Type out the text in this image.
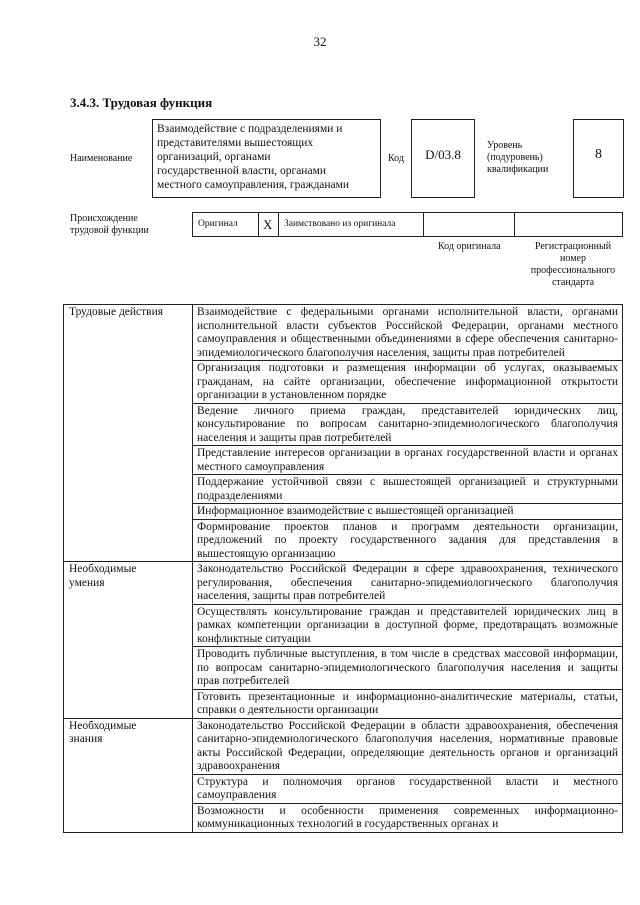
32
3.4.3. Трудовая функция
Наименование
Взаимодействие с подразделениями и
представителями вышестоящих
организаций, органами
государственной власти, органами
местного самоуправления, гражданами
Код	D/03.8
Уровень
(подуровень)
квалификации
8
Происхождение
трудовой функции
Оригинал	X	Заимствовано из оригинала
Код оригинала	Регистрационный
номер
профессионального
стандарта
Трудовые действия	Взаимодействие с федеральными органами исполнительной власти, органами исполнительной власти субъектов Российской Федерации, органами местного самоуправления и общественными объединениями в сфере обеспечения санитарно-эпидемиологического благополучия населения, защиты прав потребителей
	Организация подготовки и размещения информации об услугах, оказываемых гражданам, на сайте организации, обеспечение информационной открытости организации в установленном порядке
	Ведение личного приема граждан, представителей юридических лиц, консультирование по вопросам санитарно-эпидемиологического благополучия населения и защиты прав потребителей
	Представление интересов организации в органах государственной власти и органах местного самоуправления
	Поддержание устойчивой связи с вышестоящей организацией и структурными подразделениями
	Информационное взаимодействие с вышестоящей организацией
	Формирование проектов планов и программ деятельности организации, предложений по проекту государственного задания для представления в вышестоящую организацию

Необходимые
умения	Законодательство Российской Федерации в сфере здравоохранения, технического регулирования, обеспечения санитарно-эпидемиологического благополучия населения, защиты прав потребителей
	Осуществлять консультирование граждан и представителей юридических лиц в рамках компетенции организации в доступной форме, предотвращать возможные конфликтные ситуации
	Проводить публичные выступления, в том числе в средствах массовой информации, по вопросам санитарно-эпидемиологического благополучия населения и защиты прав потребителей
	Готовить презентационные и информационно-аналитические материалы, статьи, справки о деятельности организации

Необходимые
знания	Законодательство Российской Федерации в области здравоохранения, обеспечения санитарно-эпидемиологического благополучия населения, нормативные правовые акты Российской Федерации, определяющие деятельность органов и организаций здравоохранения
	Структура и полномочия органов государственной власти и местного самоуправления
	Возможности и особенности применения современных информационно-коммуникационных технологий в государственных органах и
